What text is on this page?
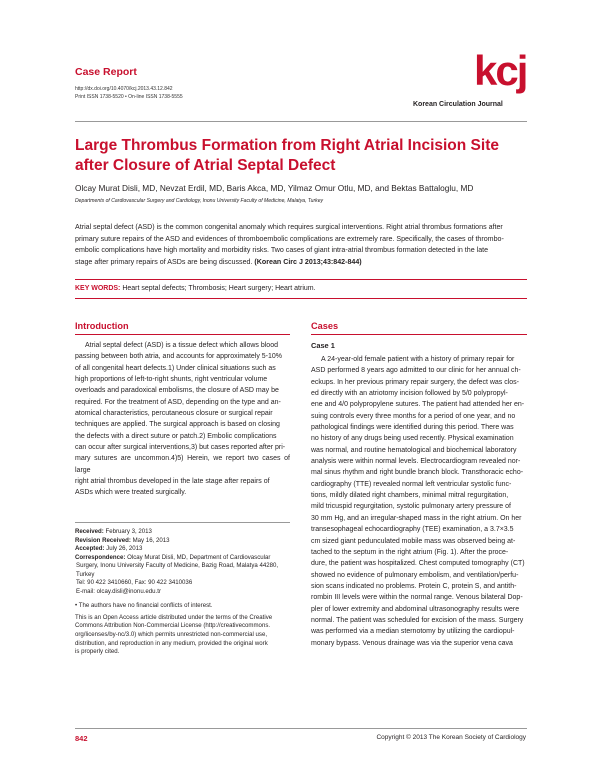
Case Report
http://dx.doi.org/10.4070/kcj.2013.43.12.842
Print ISSN 1738-5520 • On-line ISSN 1738-5555
kcj
Korean Circulation Journal
Large Thrombus Formation from Right Atrial Incision Site
after Closure of Atrial Septal Defect
Olcay Murat Disli, MD, Nevzat Erdil, MD, Baris Akca, MD, Yilmaz Omur Otlu, MD, and Bektas Battaloglu, MD
Departments of Cardiovascular Surgery and Cardiology, Inonu University Faculty of Medicine, Malatya, Turkey
Atrial septal defect (ASD) is the common congenital anomaly which requires surgical interventions. Right atrial thrombus formations after
primary suture repairs of the ASD and evidences of thromboembolic complications are extremely rare. Specifically, the cases of thrombo-
embolic complications have high mortality and morbidity risks. Two cases of giant intra-atrial thrombus formation detected in the late
stage after primary repairs of ASDs are being discussed. (Korean Circ J 2013;43:842-844)
KEY WORDS: Heart septal defects; Thrombosis; Heart surgery; Heart atrium.
Introduction
Atrial septal defect (ASD) is a tissue defect which allows blood
passing between both atria, and accounts for approximately 5-10%
of all congenital heart defects.1) Under clinical situations such as
high proportions of left-to-right shunts, right ventricular volume
overloads and paradoxical embolisms, the closure of ASD may be
required. For the treatment of ASD, depending on the type and an-
atomical characteristics, percutaneous closure or surgical repair
techniques are applied. The surgical approach is based on closing
the defects with a direct suture or patch.2) Embolic complications
can occur after surgical interventions,3) but cases reported after pri-
mary sutures are uncommon.4)5) Herein, we report two cases of large
right atrial thrombus developed in the late stage after repairs of
ASDs which were treated surgically.
Received: February 3, 2013
Revision Received: May 16, 2013
Accepted: July 26, 2013
Correspondence: Olcay Murat Disli, MD, Department of Cardiovascular
Surgery, Inonu University Faculty of Medicine, Bazig Road, Malatya 44280,
Turkey
Tel: 90 422 3410660, Fax: 90 422 3410036
E-mail: olcay.disli@inonu.edu.tr
• The authors have no financial conflicts of interest.
This is an Open Access article distributed under the terms of the Creative
Commons Attribution Non-Commercial License (http://creativecommons.
org/licenses/by-nc/3.0) which permits unrestricted non-commercial use,
distribution, and reproduction in any medium, provided the original work
is properly cited.
Cases
Case 1
A 24-year-old female patient with a history of primary repair for
ASD performed 8 years ago admitted to our clinic for her annual ch-
eckups. In her previous primary repair surgery, the defect was clos-
ed directly with an atriotomy incision followed by 5/0 polypropyl-
ene and 4/0 polypropylene sutures. The patient had attended her en-
suing controls every three months for a period of one year, and no
pathological findings were identified during this period. There was
no history of any drugs being used recently. Physical examination
was normal, and routine hematological and biochemical laboratory
analysis were within normal levels. Electrocardiogram revealed nor-
mal sinus rhythm and right bundle branch block. Transthoracic echo-
cardiography (TTE) revealed normal left ventricular systolic func-
tions, mildly dilated right chambers, minimal mitral regurgitation,
mild tricuspid regurgitation, systolic pulmonary artery pressure of
30 mm Hg, and an irregular-shaped mass in the right atrium. On her
transesophageal echocardiography (TEE) examination, a 3.7×3.5
cm sized giant pedunculated mobile mass was observed being at-
tached to the septum in the right atrium (Fig. 1). After the proce-
dure, the patient was hospitalized. Chest computed tomography (CT)
showed no evidence of pulmonary embolism, and ventilation/perfu-
sion scans indicated no problems. Protein C, protein S, and antith-
rombin III levels were within the normal range. Venous bilateral Dop-
pler of lower extremity and abdominal ultrasonography results were
normal. The patient was scheduled for excision of the mass. Surgery
was performed via a median sternotomy by utilizing the cardiopul-
monary bypass. Venous drainage was via the superior vena cava
842	Copyright © 2013 The Korean Society of Cardiology
